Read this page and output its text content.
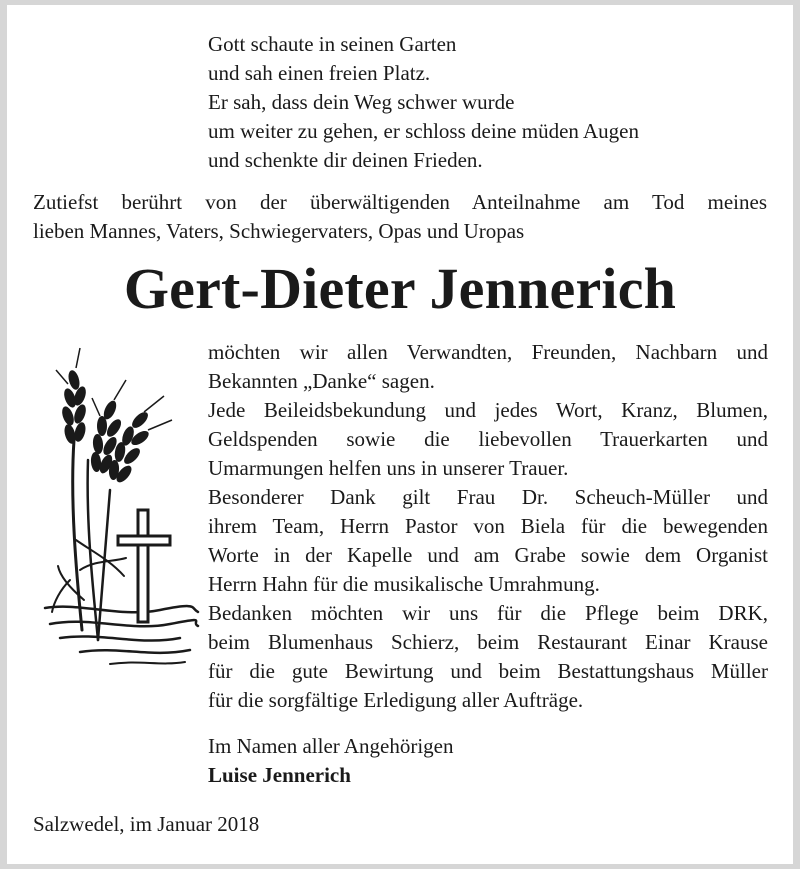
Gott schaute in seinen Garten
und sah einen freien Platz.
Er sah, dass dein Weg schwer wurde
um weiter zu gehen, er schloss deine müden Augen
und schenkte dir deinen Frieden.
Zutiefst berührt von der überwältigenden Anteilnahme am Tod meines
lieben Mannes, Vaters, Schwiegervaters, Opas und Uropas
Gert-Dieter Jennerich
möchten wir allen Verwandten, Freunden, Nachbarn und
Bekannten „Danke“ sagen.
Jede Beileidsbekundung und jedes Wort, Kranz, Blumen,
Geldspenden sowie die liebevollen Trauerkarten und
Umarmungen helfen uns in unserer Trauer.
Besonderer Dank gilt Frau Dr. Scheuch-Müller und
ihrem Team, Herrn Pastor von Biela für die bewegenden
Worte in der Kapelle und am Grabe sowie dem Organist
Herrn Hahn für die musikalische Umrahmung.
Bedanken möchten wir uns für die Pflege beim DRK,
beim Blumenhaus Schierz, beim Restaurant Einar Krause
für die gute Bewirtung und beim Bestattungshaus Müller
für die sorgfältige Erledigung aller Aufträge.
Im Namen aller Angehörigen
Luise Jennerich
Salzwedel, im Januar 2018
